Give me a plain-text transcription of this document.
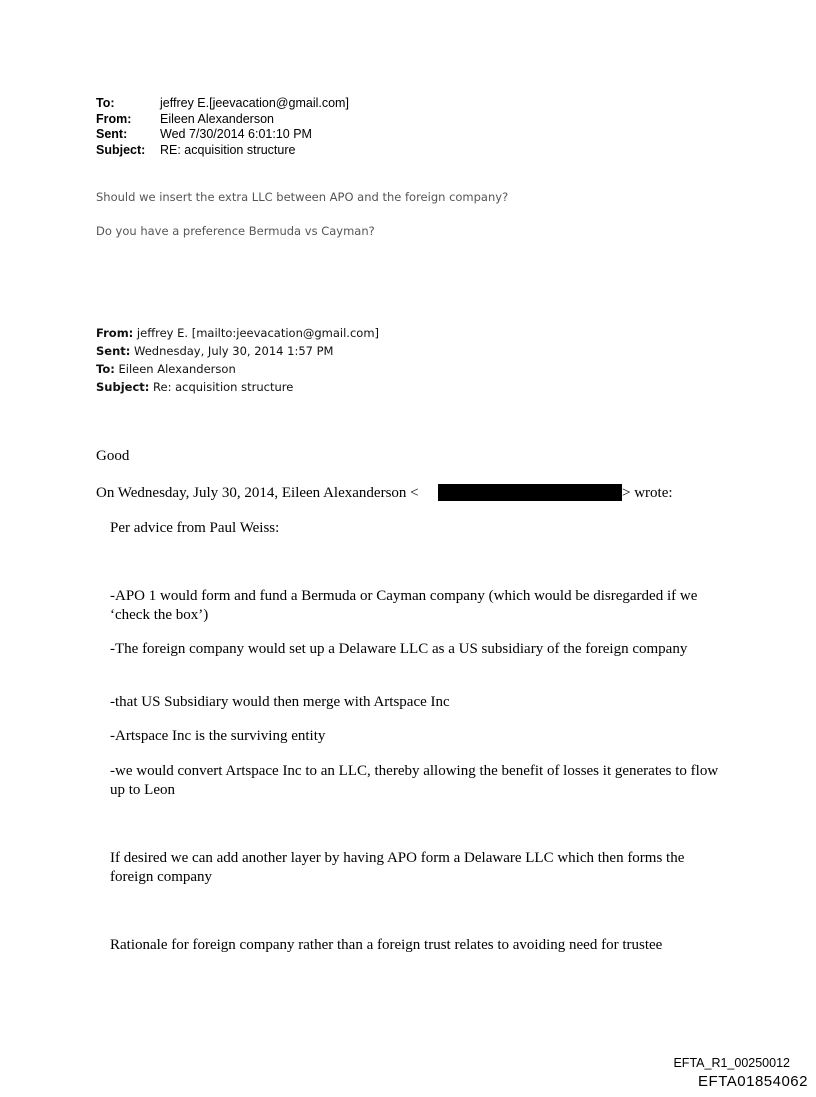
To:	jeffrey E.[jeevacation@gmail.com]
From: Eileen Alexanderson
Sent:	Wed 7/30/2014 6:01:10 PM
Subject: RE: acquisition structure
Should we insert the extra LLC between APO and the foreign company?
Do you have a preference Bermuda vs Cayman?
From: jeffrey E. [mailto:jeevacation@gmail.com]
Sent: Wednesday, July 30, 2014 1:57 PM
To: Eileen Alexanderson
Subject: Re: acquisition structure
Good
On Wednesday, July 30, 2014, Eileen Alexanderson <	> wrote:
Per advice from Paul Weiss:
-APO 1 would form and fund a Bermuda or Cayman company (which would be disregarded if we ‘check the box’)
-The foreign company would set up a Delaware LLC as a US subsidiary of the foreign company
-that US Subsidiary would then merge with Artspace Inc
-Artspace Inc is the surviving entity
-we would convert Artspace Inc to an LLC, thereby allowing the benefit of losses it generates to flow up to Leon
If desired we can add another layer by having APO form a Delaware LLC which then forms the foreign company
Rationale for foreign company rather than a foreign trust relates to avoiding need for trustee
EFTA_R1_00250012
EFTA01854062
